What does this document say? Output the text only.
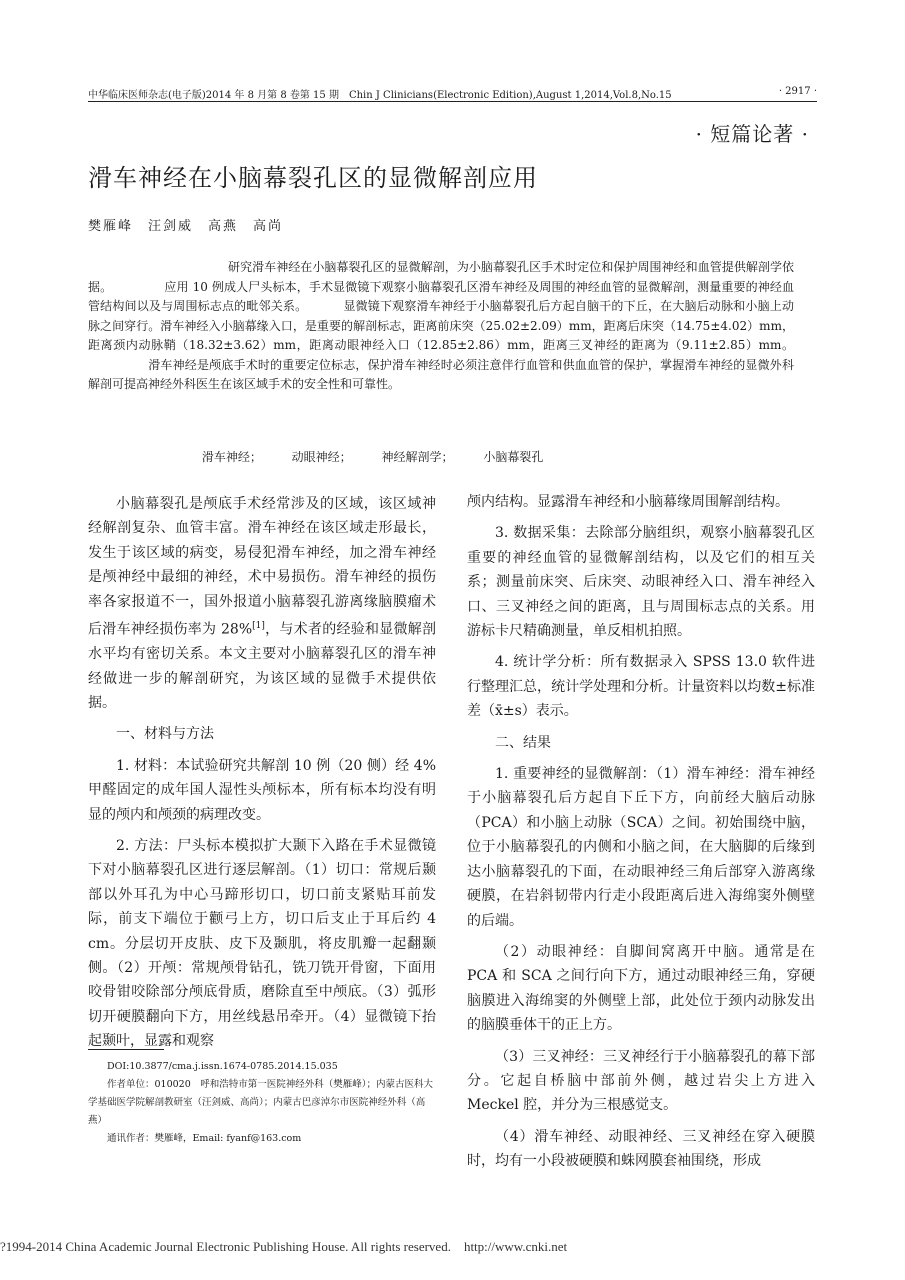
中华临床医师杂志(电子版)2014 年 8 月第 8 卷第 15 期　Chin J Clinicians(Electronic Edition),August 1,2014,Vol.8,No.15	· 2917 ·
· 短篇论著 ·
滑车神经在小脑幕裂孔区的显微解剖应用
樊雁峰　汪剑威　高燕　高尚
研究滑车神经在小脑幕裂孔区的显微解剖，为小脑幕裂孔区手术时定位和保护周围神经和血管提供解剖学依据。	应用 10 例成人尸头标本，手术显微镜下观察小脑幕裂孔区滑车神经及周围的神经血管的显微解剖，测量重要的神经血管结构间以及与周围标志点的毗邻关系。	显微镜下观察滑车神经于小脑幕裂孔后方起自脑干的下丘，在大脑后动脉和小脑上动脉之间穿行。滑车神经入小脑幕缘入口，是重要的解剖标志，距离前床突（25.02±2.09）mm，距离后床突（14.75±4.02）mm，距离颈内动脉鞘（18.32±3.62）mm，距离动眼神经入口（12.85±2.86）mm，距离三叉神经的距离为（9.11±2.85）mm。滑车神经是颅底手术时的重要定位标志，保护滑车神经时必须注意伴行血管和供血血管的保护，掌握滑车神经的显微外科解剖可提高神经外科医生在该区域手术的安全性和可靠性。
滑车神经； 动眼神经； 神经解剖学； 小脑幕裂孔

小脑幕裂孔是颅底手术经常涉及的区域，该区域神经解剖复杂、血管丰富。滑车神经在该区域走形最长，发生于该区域的病变，易侵犯滑车神经，加之滑车神经是颅神经中最细的神经，术中易损伤。滑车神经的损伤率各家报道不一，国外报道小脑幕裂孔游离缘脑膜瘤术后滑车神经损伤率为 28%[1]，与术者的经验和显微解剖水平均有密切关系。本文主要对小脑幕裂孔区的滑车神经做进一步的解剖研究，为该区域的显微手术提供依据。

一、材料与方法

1. 材料：本试验研究共解剖 10 例（20 侧）经 4%甲醛固定的成年国人湿性头颅标本，所有标本均没有明显的颅内和颅颈的病理改变。

2. 方法：尸头标本模拟扩大颞下入路在手术显微镜下对小脑幕裂孔区进行逐层解剖。（1）切口：常规后颞部以外耳孔为中心马蹄形切口，切口前支紧贴耳前发际，前支下端位于颧弓上方，切口后支止于耳后约 4 cm。分层切开皮肤、皮下及颞肌，将皮肌瓣一起翻颞侧。（2）开颅：常规颅骨钻孔，铣刀铣开骨窗，下面用咬骨钳咬除部分颅底骨质，磨除直至中颅底。（3）弧形切开硬膜翻向下方，用丝线悬吊牵开。（4）显微镜下抬起颞叶，显露和观察

颅内结构。显露滑车神经和小脑幕缘周围解剖结构。

3. 数据采集：去除部分脑组织，观察小脑幕裂孔区重要的神经血管的显微解剖结构，以及它们的相互关系；测量前床突、后床突、动眼神经入口、滑车神经入口、三叉神经之间的距离，且与周围标志点的关系。用游标卡尺精确测量，单反相机拍照。

4. 统计学分析：所有数据录入 SPSS 13.0 软件进行整理汇总，统计学处理和分析。计量资料以均数±标准差（x̄±s）表示。

二、结果

1. 重要神经的显微解剖：（1）滑车神经：滑车神经于小脑幕裂孔后方起自下丘下方，向前经大脑后动脉（PCA）和小脑上动脉（SCA）之间。初始围绕中脑，位于小脑幕裂孔的内侧和小脑之间，在大脑脚的后缘到达小脑幕裂孔的下面，在动眼神经三角后部穿入游离缘硬膜，在岩斜韧带内行走小段距离后进入海绵窦外侧壁的后端。

（2）动眼神经：自脚间窝离开中脑。通常是在 PCA 和 SCA 之间行向下方，通过动眼神经三角，穿硬脑膜进入海绵窦的外侧壁上部，此处位于颈内动脉发出的脑膜垂体干的正上方。

（3）三叉神经：三叉神经行于小脑幕裂孔的幕下部分。它起自桥脑中部前外侧，越过岩尖上方进入 Meckel 腔，并分为三根感觉支。

（4）滑车神经、动眼神经、三叉神经在穿入硬膜时，均有一小段被硬膜和蛛网膜套袖围绕，形成

DOI:10.3877/cma.j.issn.1674-0785.2014.15.035

作者单位：010020　呼和浩特市第一医院神经外科（樊雁峰）；内蒙古医科大学基础医学院解剖教研室（汪剑威、高尚）；内蒙古巴彦淖尔市医院神经外科（高燕）

通讯作者：樊雁峰，Email: fyanf@163.com

?1994-2014 China Academic Journal Electronic Publishing House. All rights reserved.　http://www.cnki.net
